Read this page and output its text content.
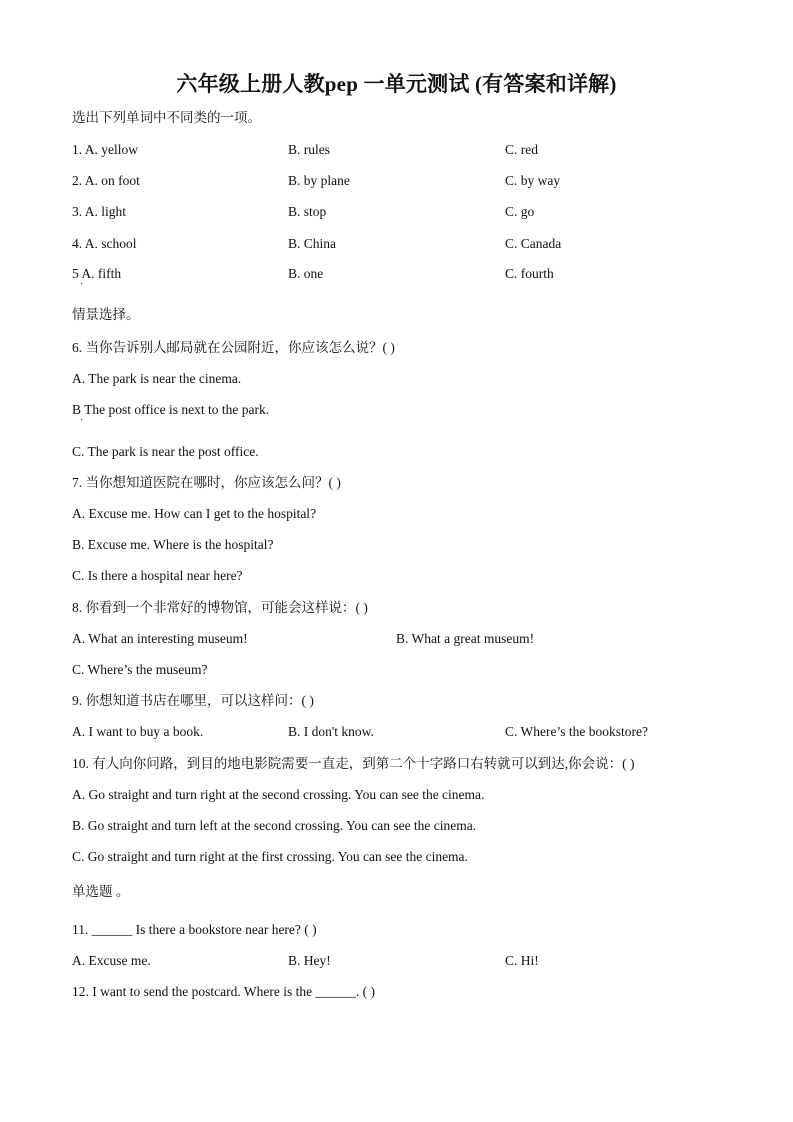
六年级上册人教pep 一单元测试 (有答案和详解)
选出下列单词中不同类的一项。
1. A. yellow	B. rules	C. red
2. A. on foot	B. by plane	C. by way
3. A. light	B. stop	C. go
4. A. school	B. China	C. Canada
5 A. fifth	B. one	C. fourth
·
情景选择。
6. 当你告诉别人邮局就在公园附近，你应该怎么说？( )
A. The park is near the cinema.
B The post office is next to the park.
·
C. The park is near the post office.
7. 当你想知道医院在哪时，你应该怎么问？( )
A. Excuse me. How can I get to the hospital?
B. Excuse me. Where is the hospital?
C. Is there a hospital near here?
8. 你看到一个非常好的博物馆，可能会这样说：( )
A. What an interesting museum!	B. What a great museum!
C. Where’s the museum?
9. 你想知道书店在哪里，可以这样问：( )
A. I want to buy a book.	B. I don't know.	C. Where’s the bookstore?
10. 有人向你问路，到目的地电影院需要一直走，到第二个十字路口右转就可以到达,你会说：( )
A. Go straight and turn right at the second crossing. You can see the cinema.
B. Go straight and turn left at the second crossing. You can see the cinema.
C. Go straight and turn right at the first crossing. You can see the cinema.
单选题 。
11. ______ Is there a bookstore near here? ( )
A. Excuse me.	B. Hey!	C. Hi!
12. I want to send the postcard. Where is the ______. ( )
